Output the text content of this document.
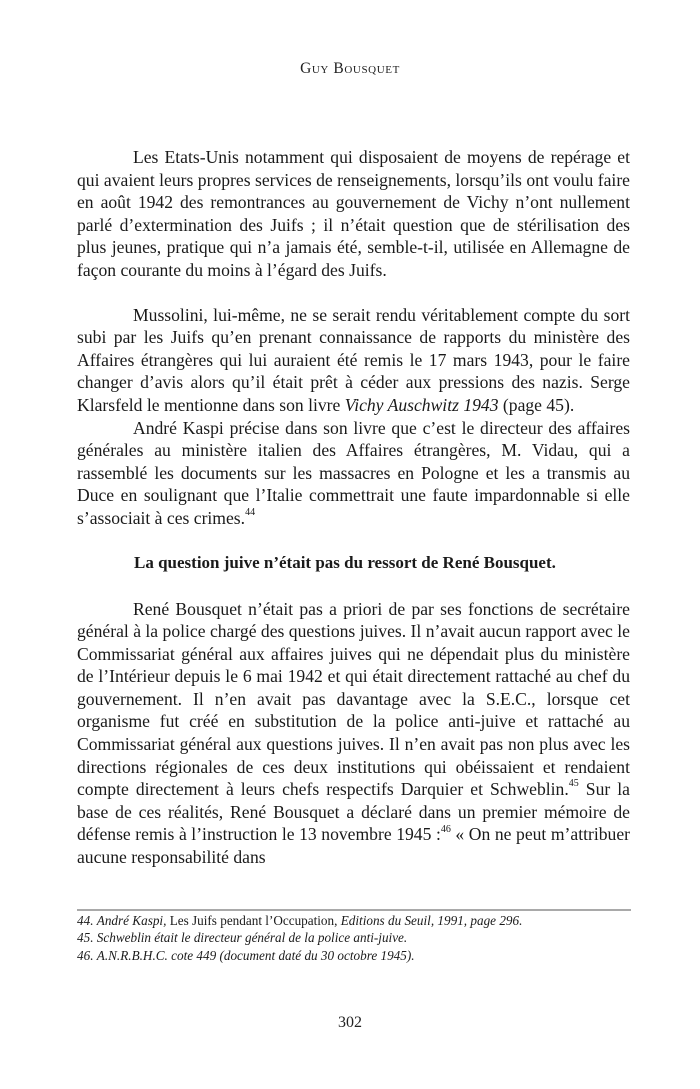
Guy Bousquet

Les Etats-Unis notamment qui disposaient de moyens de repérage et qui avaient leurs propres services de renseignements, lorsqu’ils ont voulu faire en août 1942 des remontrances au gouvernement de Vichy n’ont nullement parlé d’extermination des Juifs ; il n’était question que de stérilisation des plus jeunes, pratique qui n’a jamais été, semble-t-il, utilisée en Allemagne de façon courante du moins à l’égard des Juifs.

Mussolini, lui-même, ne se serait rendu véritablement compte du sort subi par les Juifs qu’en prenant connaissance de rapports du ministère des Affaires étrangères qui lui auraient été remis le 17 mars 1943, pour le faire changer d’avis alors qu’il était prêt à céder aux pressions des nazis. Serge Klarsfeld le mentionne dans son livre Vichy Auschwitz 1943 (page 45).

André Kaspi précise dans son livre que c’est le directeur des affaires générales au ministère italien des Affaires étrangères, M. Vidau, qui a rassemblé les documents sur les massacres en Pologne et les a transmis au Duce en soulignant que l’Italie commettrait une faute impardonnable si elle s’associait à ces crimes.$^{44}$

La question juive n’était pas du ressort de René Bousquet.

René Bousquet n’était pas a priori de par ses fonctions de secrétaire général à la police chargé des questions juives. Il n’avait aucun rapport avec le Commissariat général aux affaires juives qui ne dépendait plus du ministère de l’Intérieur depuis le 6 mai 1942 et qui était directement rattaché au chef du gouvernement. Il n’en avait pas davantage avec la S.E.C., lorsque cet organisme fut créé en substitution de la police anti-juive et rattaché au Commissariat général aux questions juives. Il n’en avait pas non plus avec les directions régionales de ces deux institutions qui obéissaient et rendaient compte directement à leurs chefs respectifs Darquier et Schweblin.$^{45}$ Sur la base de ces réalités, René Bousquet a déclaré dans un premier mémoire de défense remis à l’instruction le 13 novembre 1945 :$^{46}$ « On ne peut m’attribuer aucune responsabilité dans

44. André Kaspi, Les Juifs pendant l’Occupation, Editions du Seuil, 1991, page 296.

45. Schweblin était le directeur général de la police anti-juive.

46. A.N.R.B.H.C. cote 449 (document daté du 30 octobre 1945).

302
